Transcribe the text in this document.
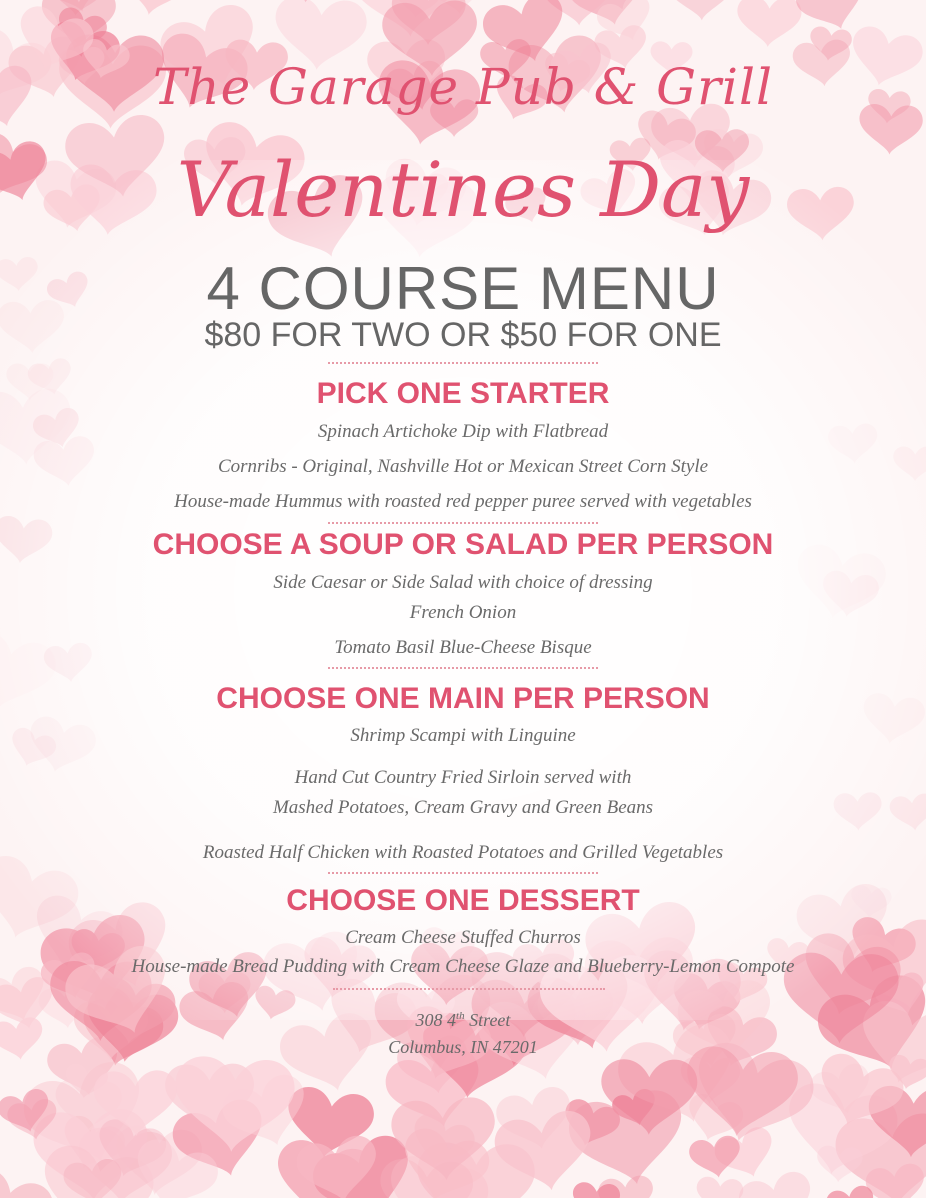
The Garage Pub & Grill
Valentines Day
4 COURSE MENU
$80 FOR TWO OR $50 FOR ONE
PICK ONE STARTER
Spinach Artichoke Dip with Flatbread
Cornribs - Original, Nashville Hot or Mexican Street Corn Style
House-made Hummus with roasted red pepper puree served with vegetables
CHOOSE A SOUP OR SALAD PER PERSON
Side Caesar or Side Salad with choice of dressing
French Onion
Tomato Basil Blue-Cheese Bisque
CHOOSE ONE MAIN PER PERSON
Shrimp Scampi with Linguine
Hand Cut Country Fried Sirloin served with
Mashed Potatoes, Cream Gravy and Green Beans
Roasted Half Chicken with Roasted Potatoes and Grilled Vegetables
CHOOSE ONE DESSERT
Cream Cheese Stuffed Churros
House-made Bread Pudding with Cream Cheese Glaze and Blueberry-Lemon Compote
308 4th Street
Columbus, IN 47201
